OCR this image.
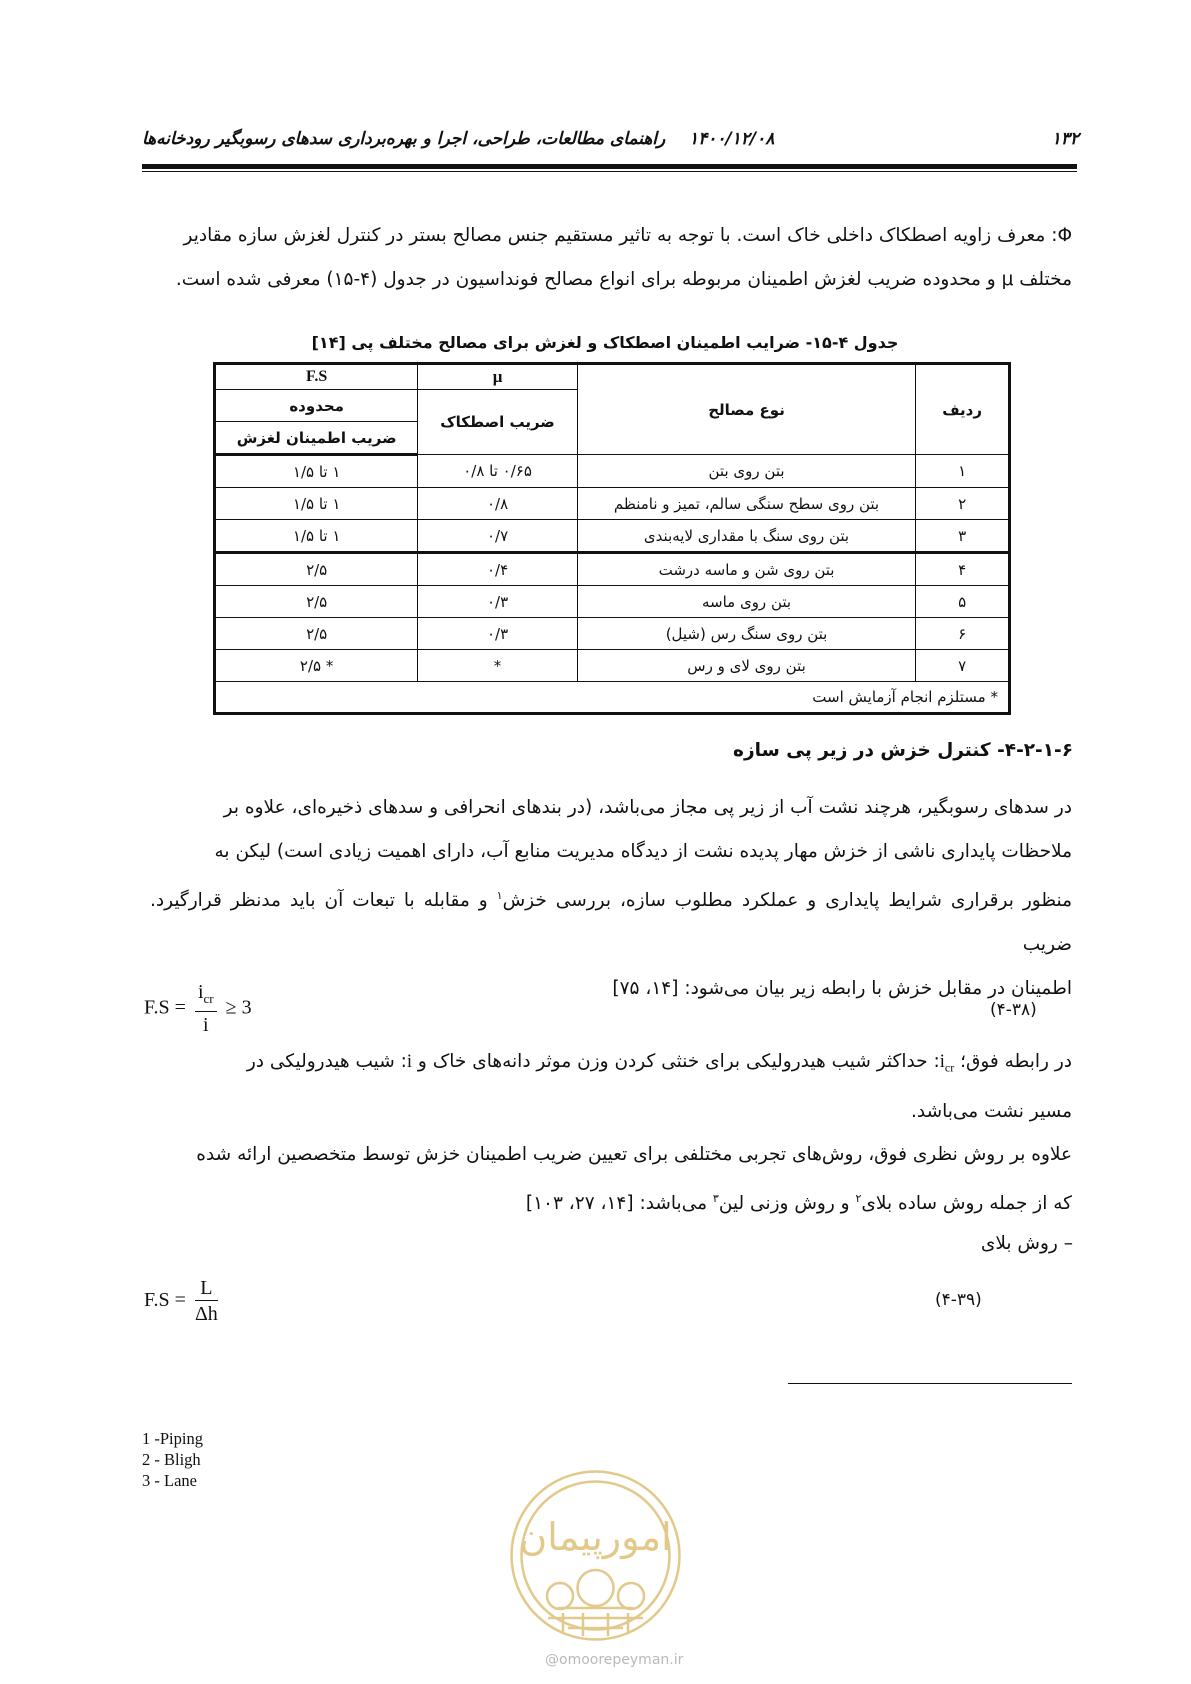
۱۴۰۰/۱۲/۰۸    راهنمای مطالعات، طراحی، اجرا و بهره‌برداری سدهای رسوبگیر رودخانه‌ها	۱۳۲
Φ: معرف زاویه اصطکاک داخلی خاک است. با توجه به تاثیر مستقیم جنس مصالح بستر در کنترل لغزش سازه مقادیر
مختلف μ و محدوده ضریب لغزش اطمینان مربوطه برای انواع مصالح فونداسیون در جدول (۴-۱۵) معرفی شده است.
جدول ۴-۱۵- ضرایب اطمینان اصطکاک و لغزش برای مصالح مختلف پی [۱۴]
ردیف	نوع مصالح	μ	F.S
		ضریب اصطکاک	محدوده
			ضریب اطمینان لغزش
۱	بتن روی بتن	۰/۶۵ تا ۰/۸	۱ تا ۱/۵
۲	بتن روی سطح سنگی سالم، تمیز و نامنظم	۰/۸	۱ تا ۱/۵
۳	بتن روی سنگ با مقداری لایه‌بندی	۰/۷	۱ تا ۱/۵
۴	بتن روی شن و ماسه درشت	۰/۴	۲/۵
۵	بتن روی ماسه	۰/۳	۲/۵
۶	بتن روی سنگ رس (شیل)	۰/۳	۲/۵
۷	بتن روی لای و رس	*	* ۲/۵
* مستلزم انجام آزمایش است			
۴-۲-۱-۶- کنترل خزش در زیر پی سازه
در سدهای رسوبگیر، هرچند نشت آب از زیر پی مجاز می‌باشد، (در بندهای انحرافی و سدهای ذخیره‌ای، علاوه بر
ملاحظات پایداری ناشی از خزش مهار پدیده نشت از دیدگاه مدیریت منابع آب، دارای اهمیت زیادی است) لیکن به
منظور برقراری شرایط پایداری و عملکرد مطلوب سازه، بررسی خزش$^۱$ و مقابله با تبعات آن باید مدنظر قرارگیرد. ضریب
اطمینان در مقابل خزش با رابطه زیر بیان می‌شود: [۱۴، ۷۵]
$F.S = \frac{i_{cr}}{i} \ge 3$	(۴-۳۸)
در رابطه فوق؛ $i_{cr}$: حداکثر شیب هیدرولیکی برای خنثی کردن وزن موثر دانه‌های خاک و i: شیب هیدرولیکی در
مسیر نشت می‌باشد.
علاوه بر روش نظری فوق، روش‌های تجربی مختلفی برای تعیین ضریب اطمینان خزش توسط متخصصین ارائه شده
که از جمله روش ساده بلای$^۲$ و روش وزنی لین$^۳$ می‌باشد: [۱۴، ۲۷، ۱۰۳]
– روش بلای
$F.S = \frac{L}{\Delta h}$	(۴-۳۹)
1 -Piping
2 - Bligh
3 - Lane
امورپیمان
@omoorepeyman.ir
